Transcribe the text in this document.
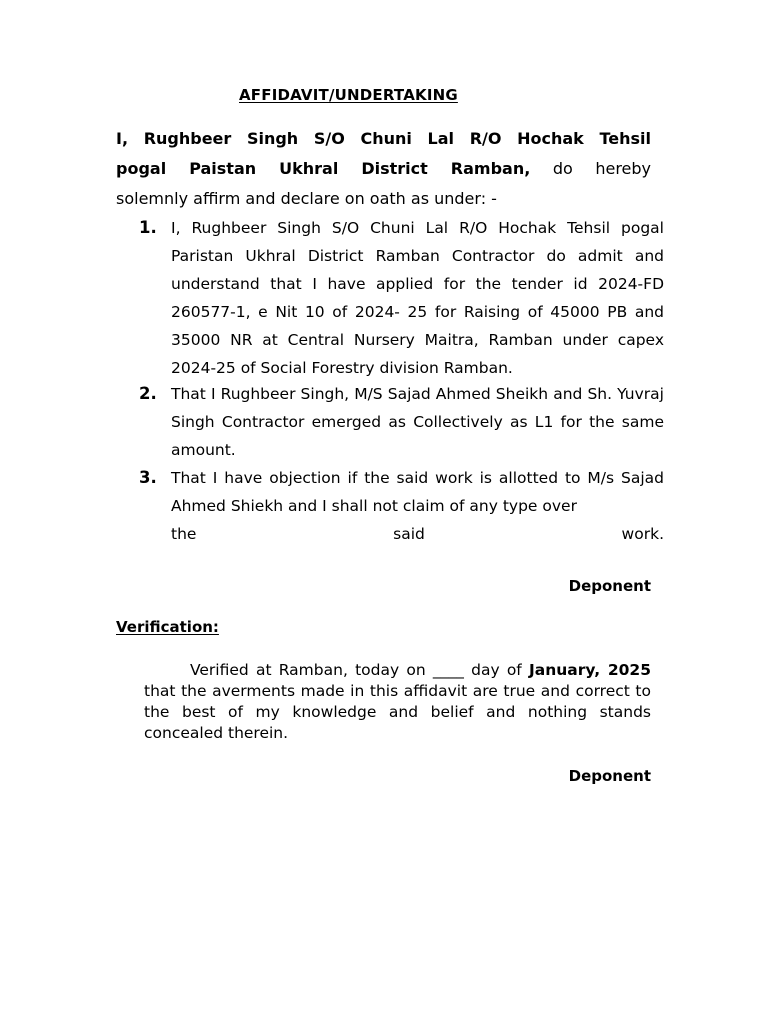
AFFIDAVIT/UNDERTAKING
I, Rughbeer Singh S/O Chuni Lal R/O Hochak Tehsil
pogal Paistan Ukhral District Ramban, do hereby
solemnly affirm and declare on oath as under: -
1. I, Rughbeer Singh S/O Chuni Lal R/O Hochak Tehsil pogal Paristan Ukhral District Ramban Contractor do admit and understand that I have applied for the tender id 2024-FD 260577-1, e Nit 10 of 2024- 25 for Raising of 45000 PB and 35000 NR at Central Nursery Maitra, Ramban under capex 2024-25 of Social Forestry division Ramban.
2. That I Rughbeer Singh, M/S Sajad Ahmed Sheikh and Sh. Yuvraj Singh Contractor emerged as Collectively as L1 for the same amount.
3. That I have objection if the said work is allotted to M/s Sajad Ahmed Shiekh and I shall not claim of any type over
the said work.
Deponent
Verification:
Verified at Ramban, today on ____ day of January, 2025 that the averments made in this affidavit are true and correct to the best of my knowledge and belief and nothing stands concealed therein.
Deponent
